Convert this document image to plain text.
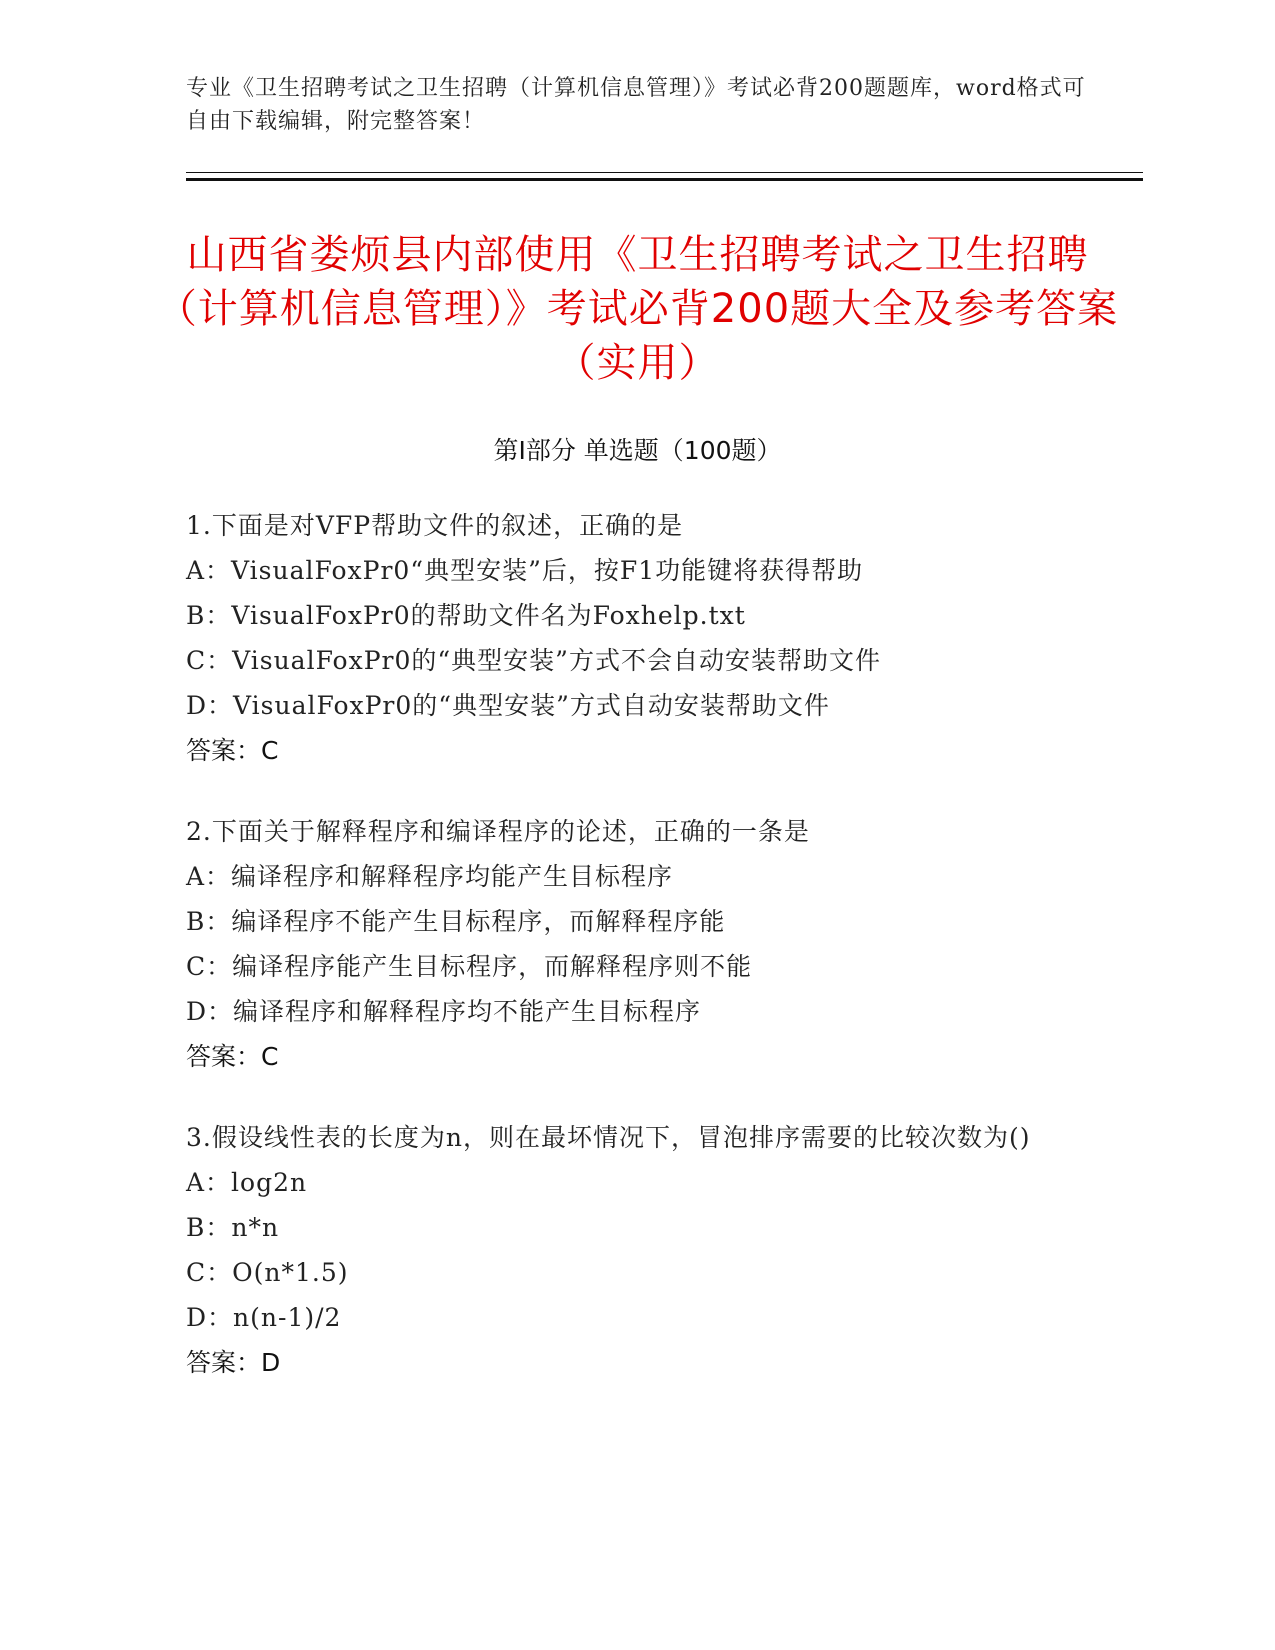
专业《卫生招聘考试之卫生招聘（计算机信息管理）》考试必背200题题库，word格式可自由下载编辑，附完整答案！
山西省娄烦县内部使用《卫生招聘考试之卫生招聘（计算机信息管理）》考试必背200题大全及参考答案（实用）
第Ⅰ部分 单选题（100题）
1.下面是对VFP帮助文件的叙述，正确的是
A：VisualFoxPr0“典型安装”后，按F1功能键将获得帮助
B：VisualFoxPr0的帮助文件名为Foxhelp.txt
C：VisualFoxPr0的“典型安装”方式不会自动安装帮助文件
D：VisualFoxPr0的“典型安装”方式自动安装帮助文件
答案：C
2.下面关于解释程序和编译程序的论述，正确的一条是
A：编译程序和解释程序均能产生目标程序
B：编译程序不能产生目标程序，而解释程序能
C：编译程序能产生目标程序，而解释程序则不能
D：编译程序和解释程序均不能产生目标程序
答案：C
3.假设线性表的长度为n，则在最坏情况下，冒泡排序需要的比较次数为()
A：log2n
B：n*n
C：O(n*1.5)
D：n(n-1)/2
答案：D
